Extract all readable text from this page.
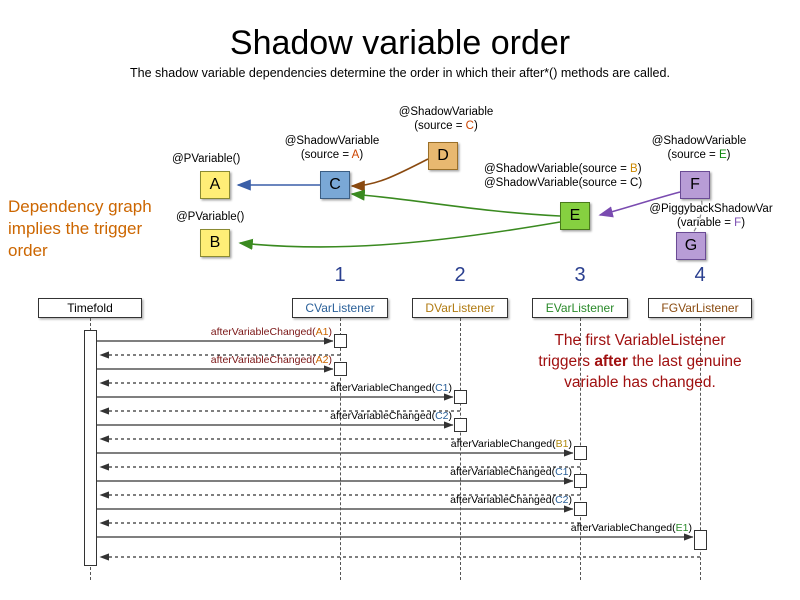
Shadow variable order
The shadow variable dependencies determine the order in which their after*() methods are called.
@PVariable()
@PVariable()
@ShadowVariable
(source = A)
@ShadowVariable
(source = C)
@ShadowVariable(source = B)
@ShadowVariable(source = C)
@ShadowVariable
(source = E)
@PiggybackShadowVar
(variable = F)
A
B
C
D
E
F
G
Dependency graph implies the trigger order
1	2	3	4
Timefold	CVarListener	DVarListener	EVarListener	FGVarListener
afterVariableChanged(A1)
afterVariableChanged(A2)
afterVariableChanged(C1)
afterVariableChanged(C2)
afterVariableChanged(B1)
afterVariableChanged(C1)
afterVariableChanged(C2)
afterVariableChanged(E1)
The first VariableListener
triggers after the last genuine
variable has changed.
